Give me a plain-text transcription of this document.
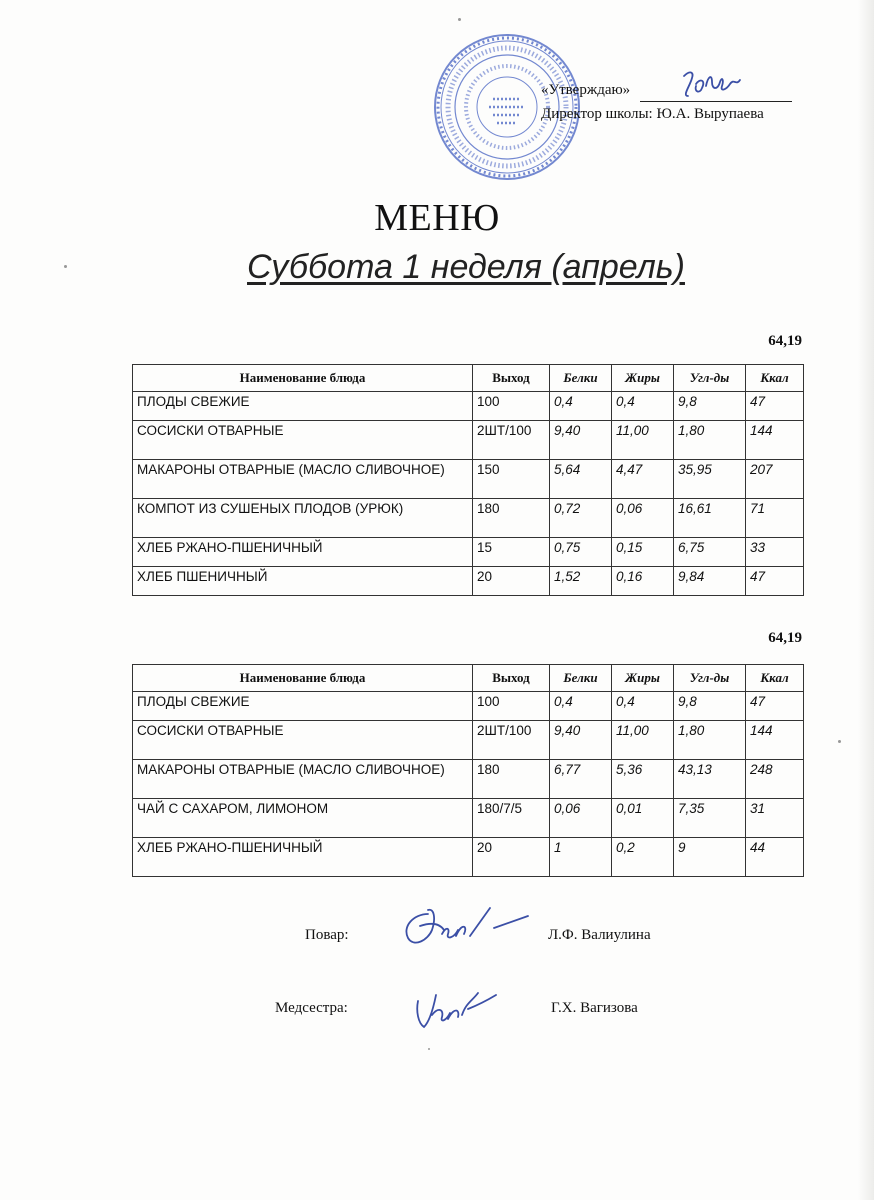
«Утверждаю»
Директор школы: Ю.А. Вырупаева
МЕНЮ
Суббота 1 неделя (апрель)
64,19
Наименование блюда	Выход	Белки	Жиры	Угл-ды	Ккал
ПЛОДЫ СВЕЖИЕ	100	0,4	0,4	9,8	47
СОСИСКИ ОТВАРНЫЕ	2ШТ/100	9,40	11,00	1,80	144
МАКАРОНЫ ОТВАРНЫЕ (МАСЛО СЛИВОЧНОЕ)	150	5,64	4,47	35,95	207
КОМПОТ ИЗ СУШЕНЫХ ПЛОДОВ (УРЮК)	180	0,72	0,06	16,61	71
ХЛЕБ РЖАНО-ПШЕНИЧНЫЙ	15	0,75	0,15	6,75	33
ХЛЕБ ПШЕНИЧНЫЙ	20	1,52	0,16	9,84	47
64,19
Наименование блюда	Выход	Белки	Жиры	Угл-ды	Ккал
ПЛОДЫ СВЕЖИЕ	100	0,4	0,4	9,8	47
СОСИСКИ ОТВАРНЫЕ	2ШТ/100	9,40	11,00	1,80	144
МАКАРОНЫ ОТВАРНЫЕ (МАСЛО СЛИВОЧНОЕ)	180	6,77	5,36	43,13	248
ЧАЙ С САХАРОМ, ЛИМОНОМ	180/7/5	0,06	0,01	7,35	31
ХЛЕБ РЖАНО-ПШЕНИЧНЫЙ	20	1	0,2	9	44
Повар:	Л.Ф. Валиулина
Медсестра:	Г.Х. Вагизова
